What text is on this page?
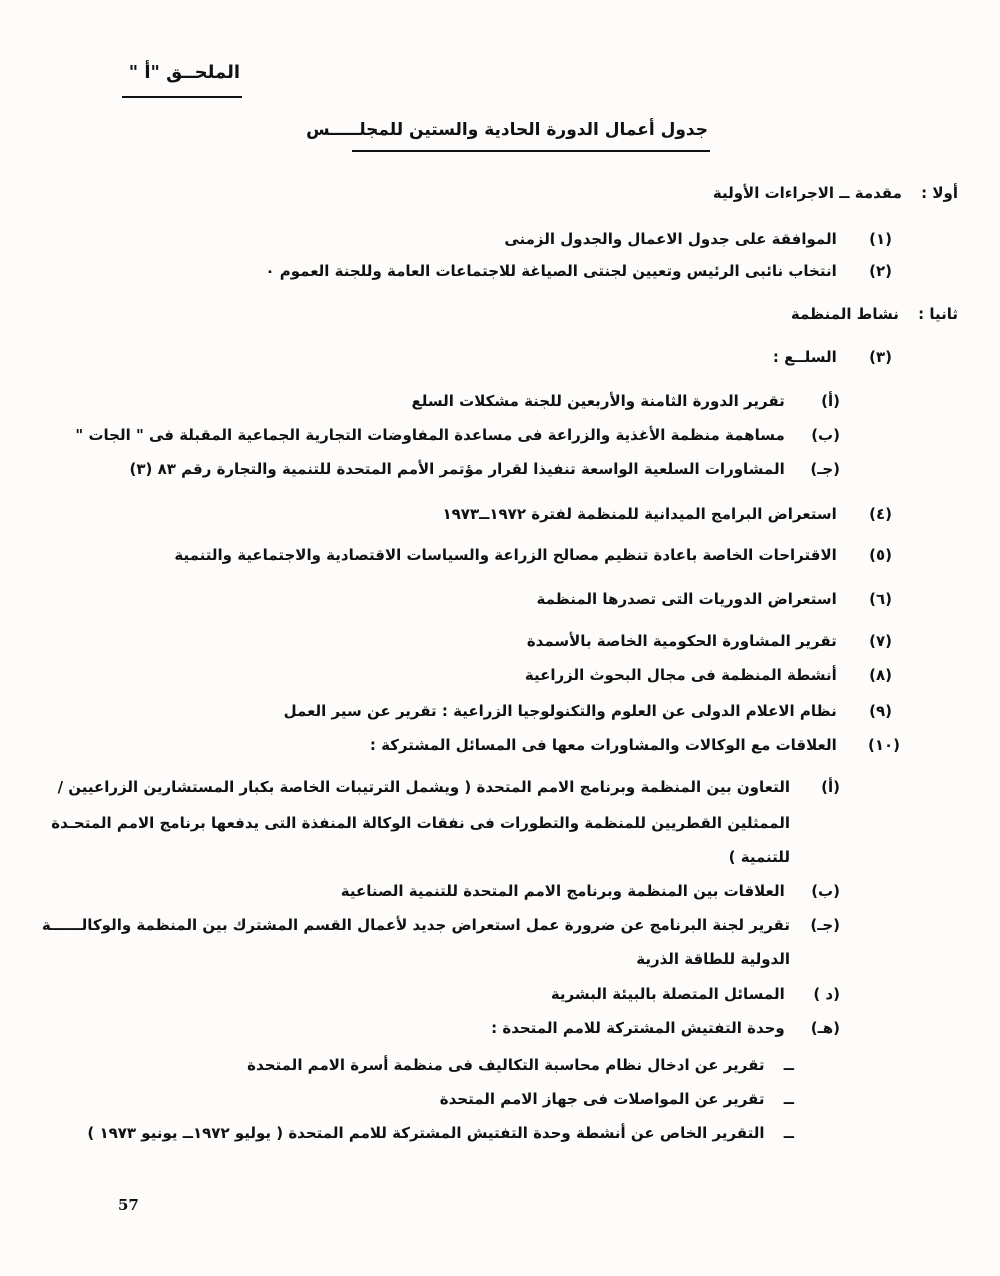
الملحــق "أ "
جدول أعمال الدورة الحادية والستين للمجلـــــس
أولا : مقدمة ــ الاجراءات الأولية
(١) الموافقة على جدول الاعمال والجدول الزمنى
(٢) انتخاب نائبى الرئيس وتعيين لجنتى الصياغة للاجتماعات العامة وللجنة العموم ٠
ثانيا : نشاط المنظمة
(٣) السلــع :
(أ) تقرير الدورة الثامنة والأربعين للجنة مشكلات السلع
(ب) مساهمة منظمة الأغذية والزراعة فى مساعدة المفاوضات التجارية الجماعية المقبلة فى " الجات "
(جـ) المشاورات السلعية الواسعة تنفيذا لقرار مؤتمر الأمم المتحدة للتنمية والتجارة رقم ٨٣ (٣)
(٤) استعراض البرامج الميدانية للمنظمة لفترة ١٩٧٢ــ١٩٧٣
(٥) الاقتراحات الخاصة باعادة تنظيم مصالح الزراعة والسياسات الاقتصادية والاجتماعية والتنمية
(٦) استعراض الدوريات التى تصدرها المنظمة
(٧) تقرير المشاورة الحكومية الخاصة بالأسمدة
(٨) أنشطة المنظمة فى مجال البحوث الزراعية
(٩) نظام الاعلام الدولى عن العلوم والتكنولوجيا الزراعية : تقرير عن سير العمل
(١٠) العلاقات مع الوكالات والمشاورات معها فى المسائل المشتركة :
(أ)
التعاون بين المنظمة وبرنامج الامم المتحدة ( ويشمل الترتيبات الخاصة بكبار المستشارين الزراعيين /
الممثلين القطريين للمنظمة والتطورات فى نفقات الوكالة المنفذة التى يدفعها برنامج الامم المتحـدة
للتنمية )
(ب) العلاقات بين المنظمة وبرنامج الامم المتحدة للتنمية الصناعية
(جـ)
تقرير لجنة البرنامج عن ضرورة عمل استعراض جديد لأعمال القسم المشترك بين المنظمة والوكالــــــة
الدولية للطاقة الذرية
(د ) المسائل المتصلة بالبيئة البشرية
(هـ) وحدة التفتيش المشتركة للامم المتحدة :
ــ تقرير عن ادخال نظام محاسبة التكاليف فى منظمة أسرة الامم المتحدة
ــ تقرير عن المواصلات فى جهاز الامم المتحدة
ــ التقرير الخاص عن أنشطة وحدة التفتيش المشتركة للامم المتحدة ( يوليو ١٩٧٢ــ يونيو ١٩٧٣ )
57
